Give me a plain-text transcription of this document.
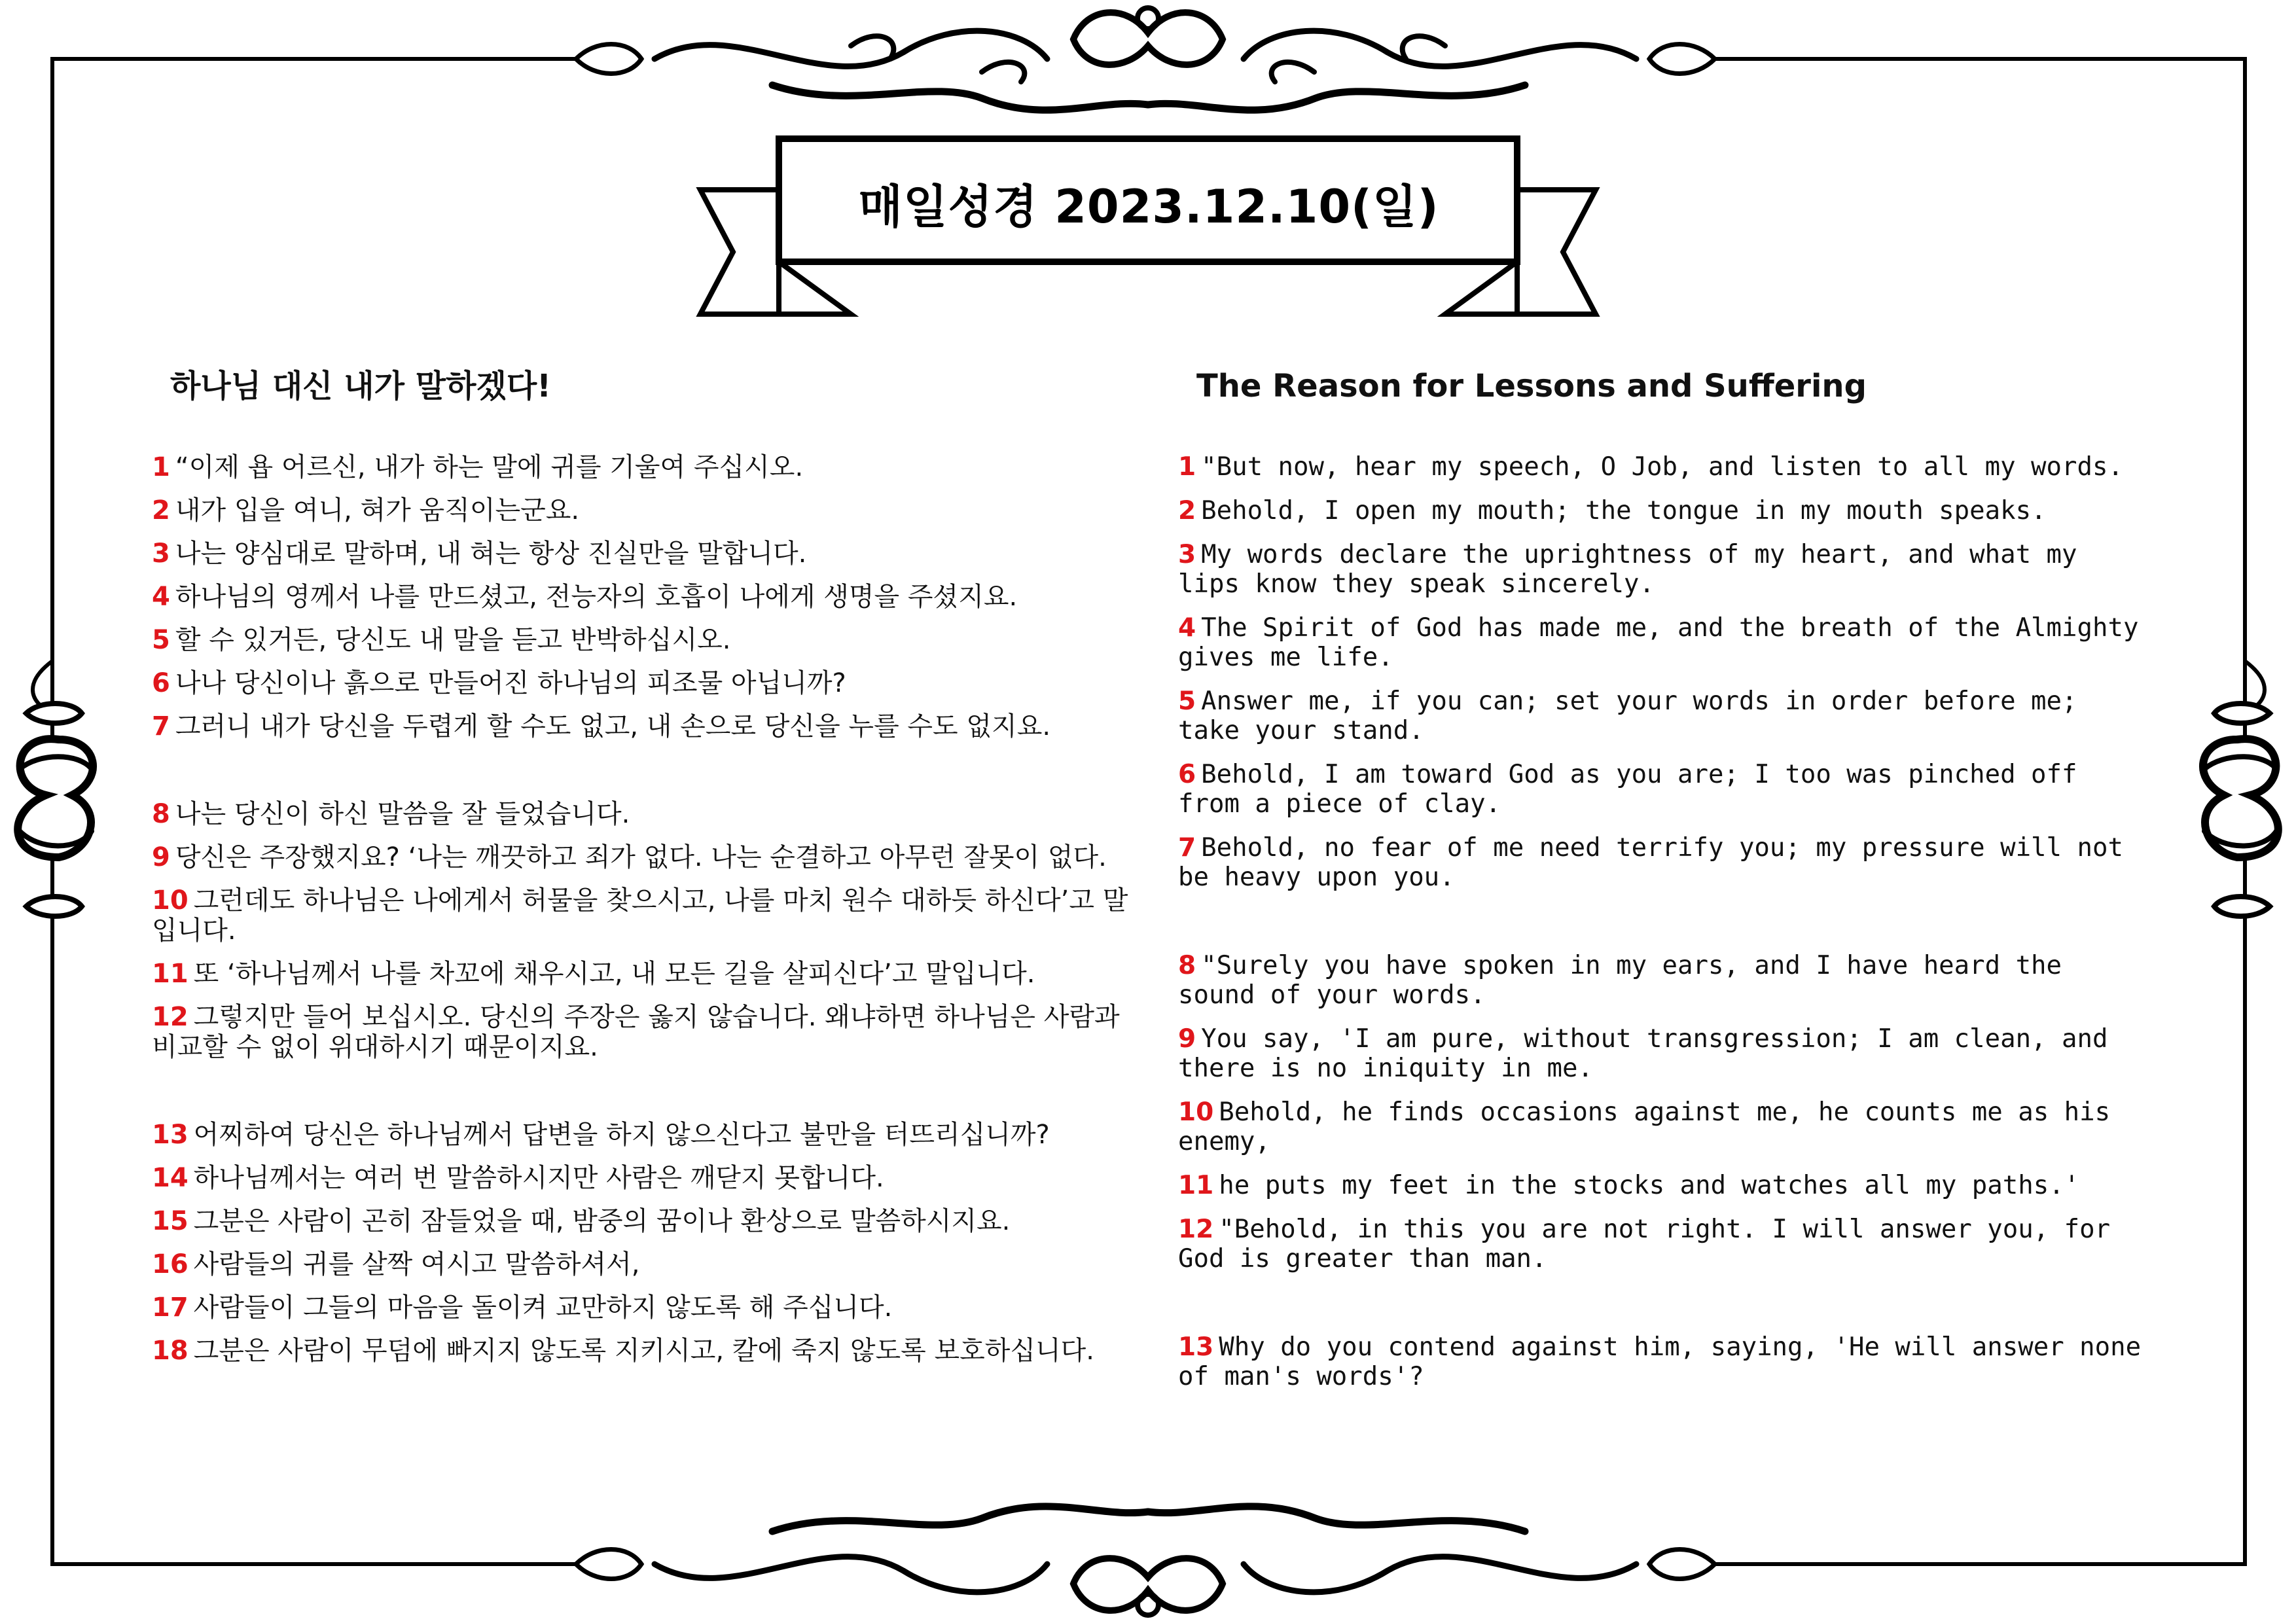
매일성경 2023.12.10(일)
하나님 대신 내가 말하겠다!

1 “이제 욥 어르신, 내가 하는 말에 귀를 기울여 주십시오.

2 내가 입을 여니, 혀가 움직이는군요.

3 나는 양심대로 말하며, 내 혀는 항상 진실만을 말합니다.

4 하나님의 영께서 나를 만드셨고, 전능자의 호흡이 나에게 생명을 주셨지요.

5 할 수 있거든, 당신도 내 말을 듣고 반박하십시오.

6 나나 당신이나 흙으로 만들어진 하나님의 피조물 아닙니까?

7 그러니 내가 당신을 두렵게 할 수도 없고, 내 손으로 당신을 누를 수도 없지요.

8 나는 당신이 하신 말씀을 잘 들었습니다.

9 당신은 주장했지요? ‘나는 깨끗하고 죄가 없다. 나는 순결하고 아무런 잘못이 없다.

10 그런데도 하나님은 나에게서 허물을 찾으시고, 나를 마치 원수 대하듯 하신다’고 말입니다.

11 또 ‘하나님께서 나를 차꼬에 채우시고, 내 모든 길을 살피신다’고 말입니다.

12 그렇지만 들어 보십시오. 당신의 주장은 옳지 않습니다. 왜냐하면 하나님은 사람과 비교할 수 없이 위대하시기 때문이지요.

13 어찌하여 당신은 하나님께서 답변을 하지 않으신다고 불만을 터뜨리십니까?

14 하나님께서는 여러 번 말씀하시지만 사람은 깨닫지 못합니다.

15 그분은 사람이 곤히 잠들었을 때, 밤중의 꿈이나 환상으로 말씀하시지요.

16 사람들의 귀를 살짝 여시고 말씀하셔서,

17 사람들이 그들의 마음을 돌이켜 교만하지 않도록 해 주십니다.

18 그분은 사람이 무덤에 빠지지 않도록 지키시고, 칼에 죽지 않도록 보호하십니다.

The Reason for Lessons and Suffering

1 "But now, hear my speech, O Job, and listen to all my words.

2 Behold, I open my mouth; the tongue in my mouth speaks.

3 My words declare the uprightness of my heart, and what my lips know they speak sincerely.

4 The Spirit of God has made me, and the breath of the Almighty gives me life.

5 Answer me, if you can; set your words in order before me; take your stand.

6 Behold, I am toward God as you are; I too was pinched off from a piece of clay.

7 Behold, no fear of me need terrify you; my pressure will not be heavy upon you.

8 "Surely you have spoken in my ears, and I have heard the sound of your words.

9 You say, 'I am pure, without transgression; I am clean, and there is no iniquity in me.

10 Behold, he finds occasions against me, he counts me as his enemy,

11 he puts my feet in the stocks and watches all my paths.'

12 "Behold, in this you are not right. I will answer you, for God is greater than man.

13 Why do you contend against him, saying, 'He will answer none of man's words'?
